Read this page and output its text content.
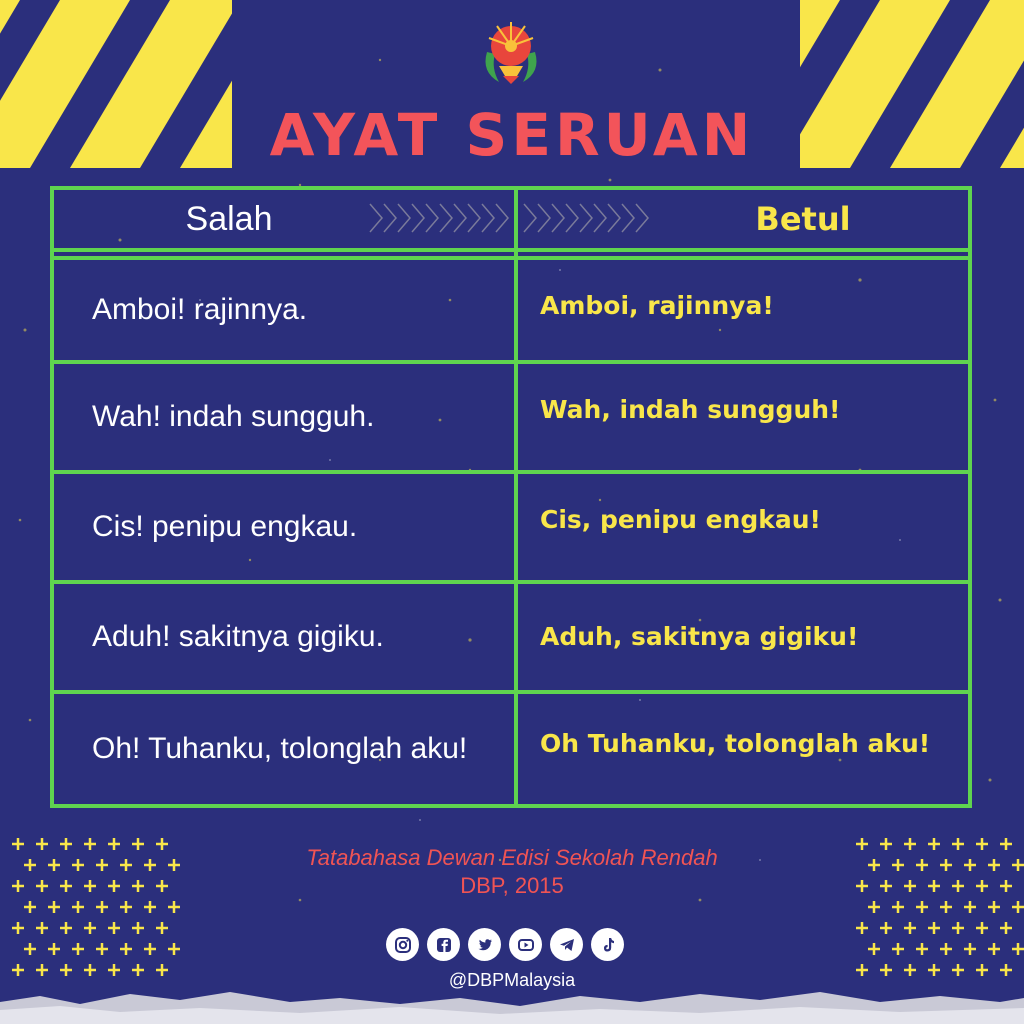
AYAT SERUAN
Salah	Betul
Amboi! rajinnya.	Amboi, rajinnya!
Wah! indah sungguh.	Wah, indah sungguh!
Cis! penipu engkau.	Cis, penipu engkau!
Aduh! sakitnya gigiku.	Aduh, sakitnya gigiku!
Oh! Tuhanku, tolonglah aku!	Oh Tuhanku, tolonglah aku!
Tatabahasa Dewan Edisi Sekolah Rendah
DBP, 2015
@DBPMalaysia
